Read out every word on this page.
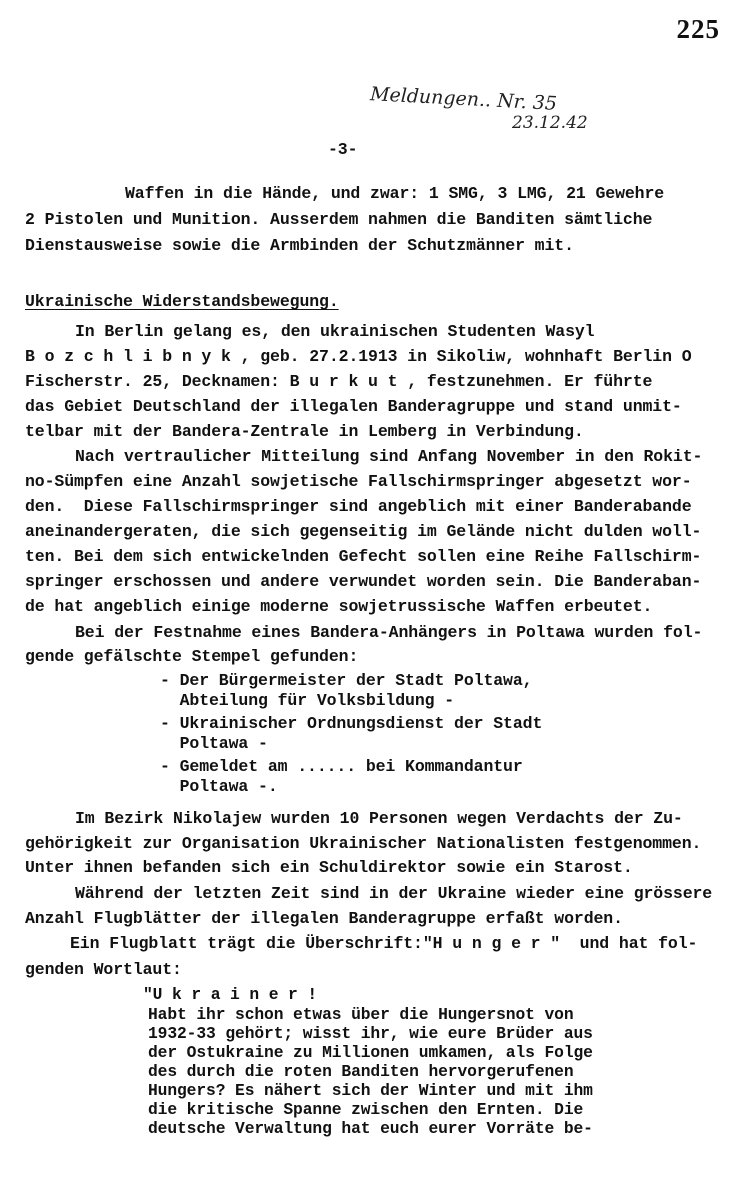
225
Meldungen.. Nr. 35
23.12.42
-3-
Waffen in die Hände, und zwar: 1 SMG, 3 LMG, 21 Gewehre
2 Pistolen und Munition. Ausserdem nahmen die Banditen sämtliche
Dienstausweise sowie die Armbinden der Schutzmänner mit.
Ukrainische Widerstandsbewegung.
In Berlin gelang es, den ukrainischen Studenten Wasyl
B o z c h l i b n y k , geb. 27.2.1913 in Sikoliw, wohnhaft Berlin O
Fischerstr. 25, Decknamen: B u r k u t , festzunehmen. Er führte
das Gebiet Deutschland der illegalen Banderagruppe und stand unmit-
telbar mit der Bandera-Zentrale in Lemberg in Verbindung.
Nach vertraulicher Mitteilung sind Anfang November in den Rokit-
no-Sümpfen eine Anzahl sowjetische Fallschirmspringer abgesetzt wor-
den.  Diese Fallschirmspringer sind angeblich mit einer Banderabande
aneinandergeraten, die sich gegenseitig im Gelände nicht dulden woll-
ten. Bei dem sich entwickelnden Gefecht sollen eine Reihe Fallschirm-
springer erschossen und andere verwundet worden sein. Die Banderaban-
de hat angeblich einige moderne sowjetrussische Waffen erbeutet.
Bei der Festnahme eines Bandera-Anhängers in Poltawa wurden fol-
gende gefälschte Stempel gefunden:
- Der Bürgermeister der Stadt Poltawa,
Abteilung für Volksbildung -
- Ukrainischer Ordnungsdienst der Stadt
Poltawa -
- Gemeldet am ...... bei Kommandantur
Poltawa -.
Im Bezirk Nikolajew wurden 10 Personen wegen Verdachts der Zu-
gehörigkeit zur Organisation Ukrainischer Nationalisten festgenommen.
Unter ihnen befanden sich ein Schuldirektor sowie ein Starost.
Während der letzten Zeit sind in der Ukraine wieder eine grössere
Anzahl Flugblätter der illegalen Banderagruppe erfaßt worden.
Ein Flugblatt trägt die Überschrift:"H u n g e r "  und hat fol-
genden Wortlaut:
"U k r a i n e r !
Habt ihr schon etwas über die Hungersnot von
1932-33 gehört; wisst ihr, wie eure Brüder aus
der Ostukraine zu Millionen umkamen, als Folge
des durch die roten Banditen hervorgerufenen
Hungers? Es nähert sich der Winter und mit ihm
die kritische Spanne zwischen den Ernten. Die
deutsche Verwaltung hat euch eurer Vorräte be-
